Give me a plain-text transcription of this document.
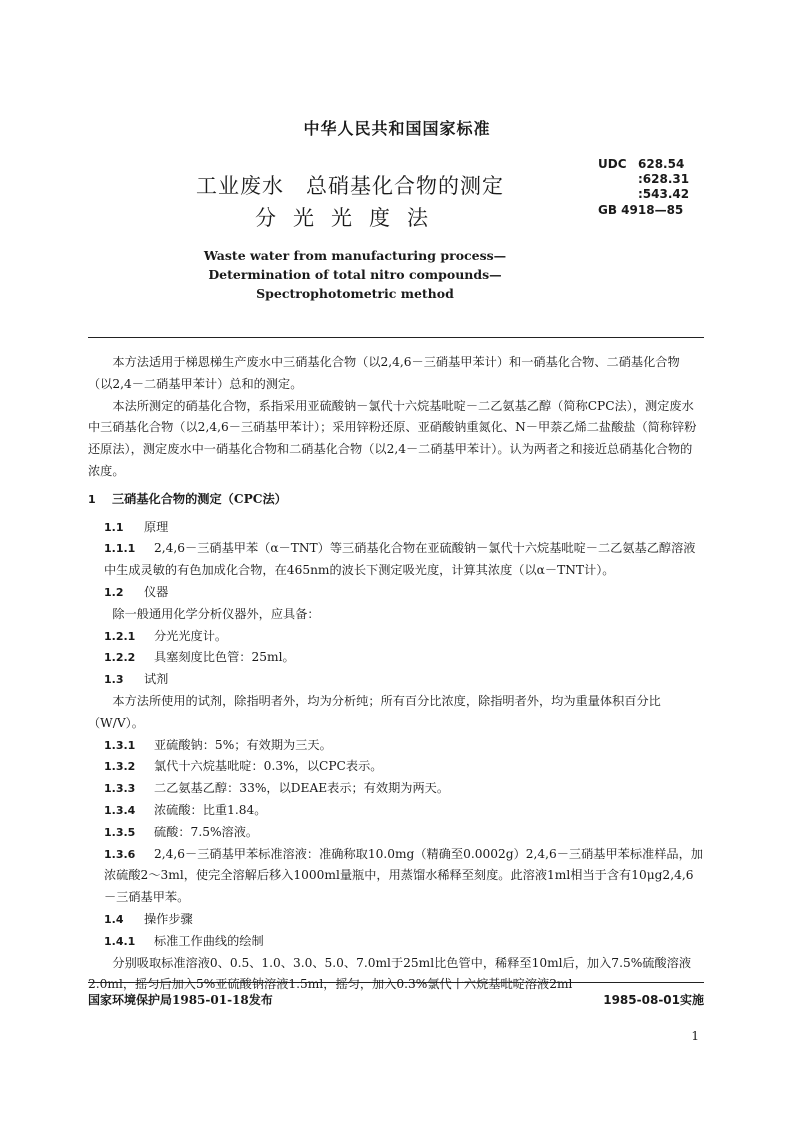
中华人民共和国国家标准
工业废水　总硝基化合物的测定
分光光度法
UDC 628.54
:628.31
:543.42
GB 4918—85
Waste water from manufacturing process—
Determination of total nitro compounds—
Spectrophotometric method

本方法适用于梯恩梯生产废水中三硝基化合物（以2,4,6－三硝基甲苯计）和一硝基化合物、二硝基化合物（以2,4－二硝基甲苯计）总和的测定。

本法所测定的硝基化合物，系指采用亚硫酸钠－氯代十六烷基吡啶－二乙氨基乙醇（简称CPC法），测定废水中三硝基化合物（以2,4,6－三硝基甲苯计）；采用锌粉还原、亚硝酸钠重氮化、N－甲萘乙烯二盐酸盐（简称锌粉还原法），测定废水中一硝基化合物和二硝基化合物（以2,4－二硝基甲苯计）。认为两者之和接近总硝基化合物的浓度。

1 三硝基化合物的测定（CPC法）

1.1 原理

1.1.1 2,4,6－三硝基甲苯（α－TNT）等三硝基化合物在亚硫酸钠－氯代十六烷基吡啶－二乙氨基乙醇溶液中生成灵敏的有色加成化合物，在465nm的波长下测定吸光度，计算其浓度（以α－TNT计）。

1.2 仪器

除一般通用化学分析仪器外，应具备：

1.2.1 分光光度计。

1.2.2 具塞刻度比色管：25ml。

1.3 试剂

本方法所使用的试剂，除指明者外，均为分析纯；所有百分比浓度，除指明者外，均为重量体积百分比（W/V）。

1.3.1 亚硫酸钠：5%；有效期为三天。

1.3.2 氯代十六烷基吡啶：0.3%，以CPC表示。

1.3.3 二乙氨基乙醇：33%，以DEAE表示；有效期为两天。

1.3.4 浓硫酸：比重1.84。

1.3.5 硫酸：7.5%溶液。

1.3.6 2,4,6－三硝基甲苯标准溶液：准确称取10.0mg（精确至0.0002g）2,4,6－三硝基甲苯标准样品，加浓硫酸2～3ml，使完全溶解后移入1000ml量瓶中，用蒸馏水稀释至刻度。此溶液1ml相当于含有10μg2,4,6－三硝基甲苯。

1.4 操作步骤

1.4.1 标准工作曲线的绘制

分别吸取标准溶液0、0.5、1.0、3.0、5.0、7.0ml于25ml比色管中，稀释至10ml后，加入7.5%硫酸溶液2.0ml，摇匀后加入5%亚硫酸钠溶液1.5ml，摇匀，加入0.3%氯代十六烷基吡啶溶液2ml

国家环境保护局1985-01-18发布	1985-08-01实施
1
